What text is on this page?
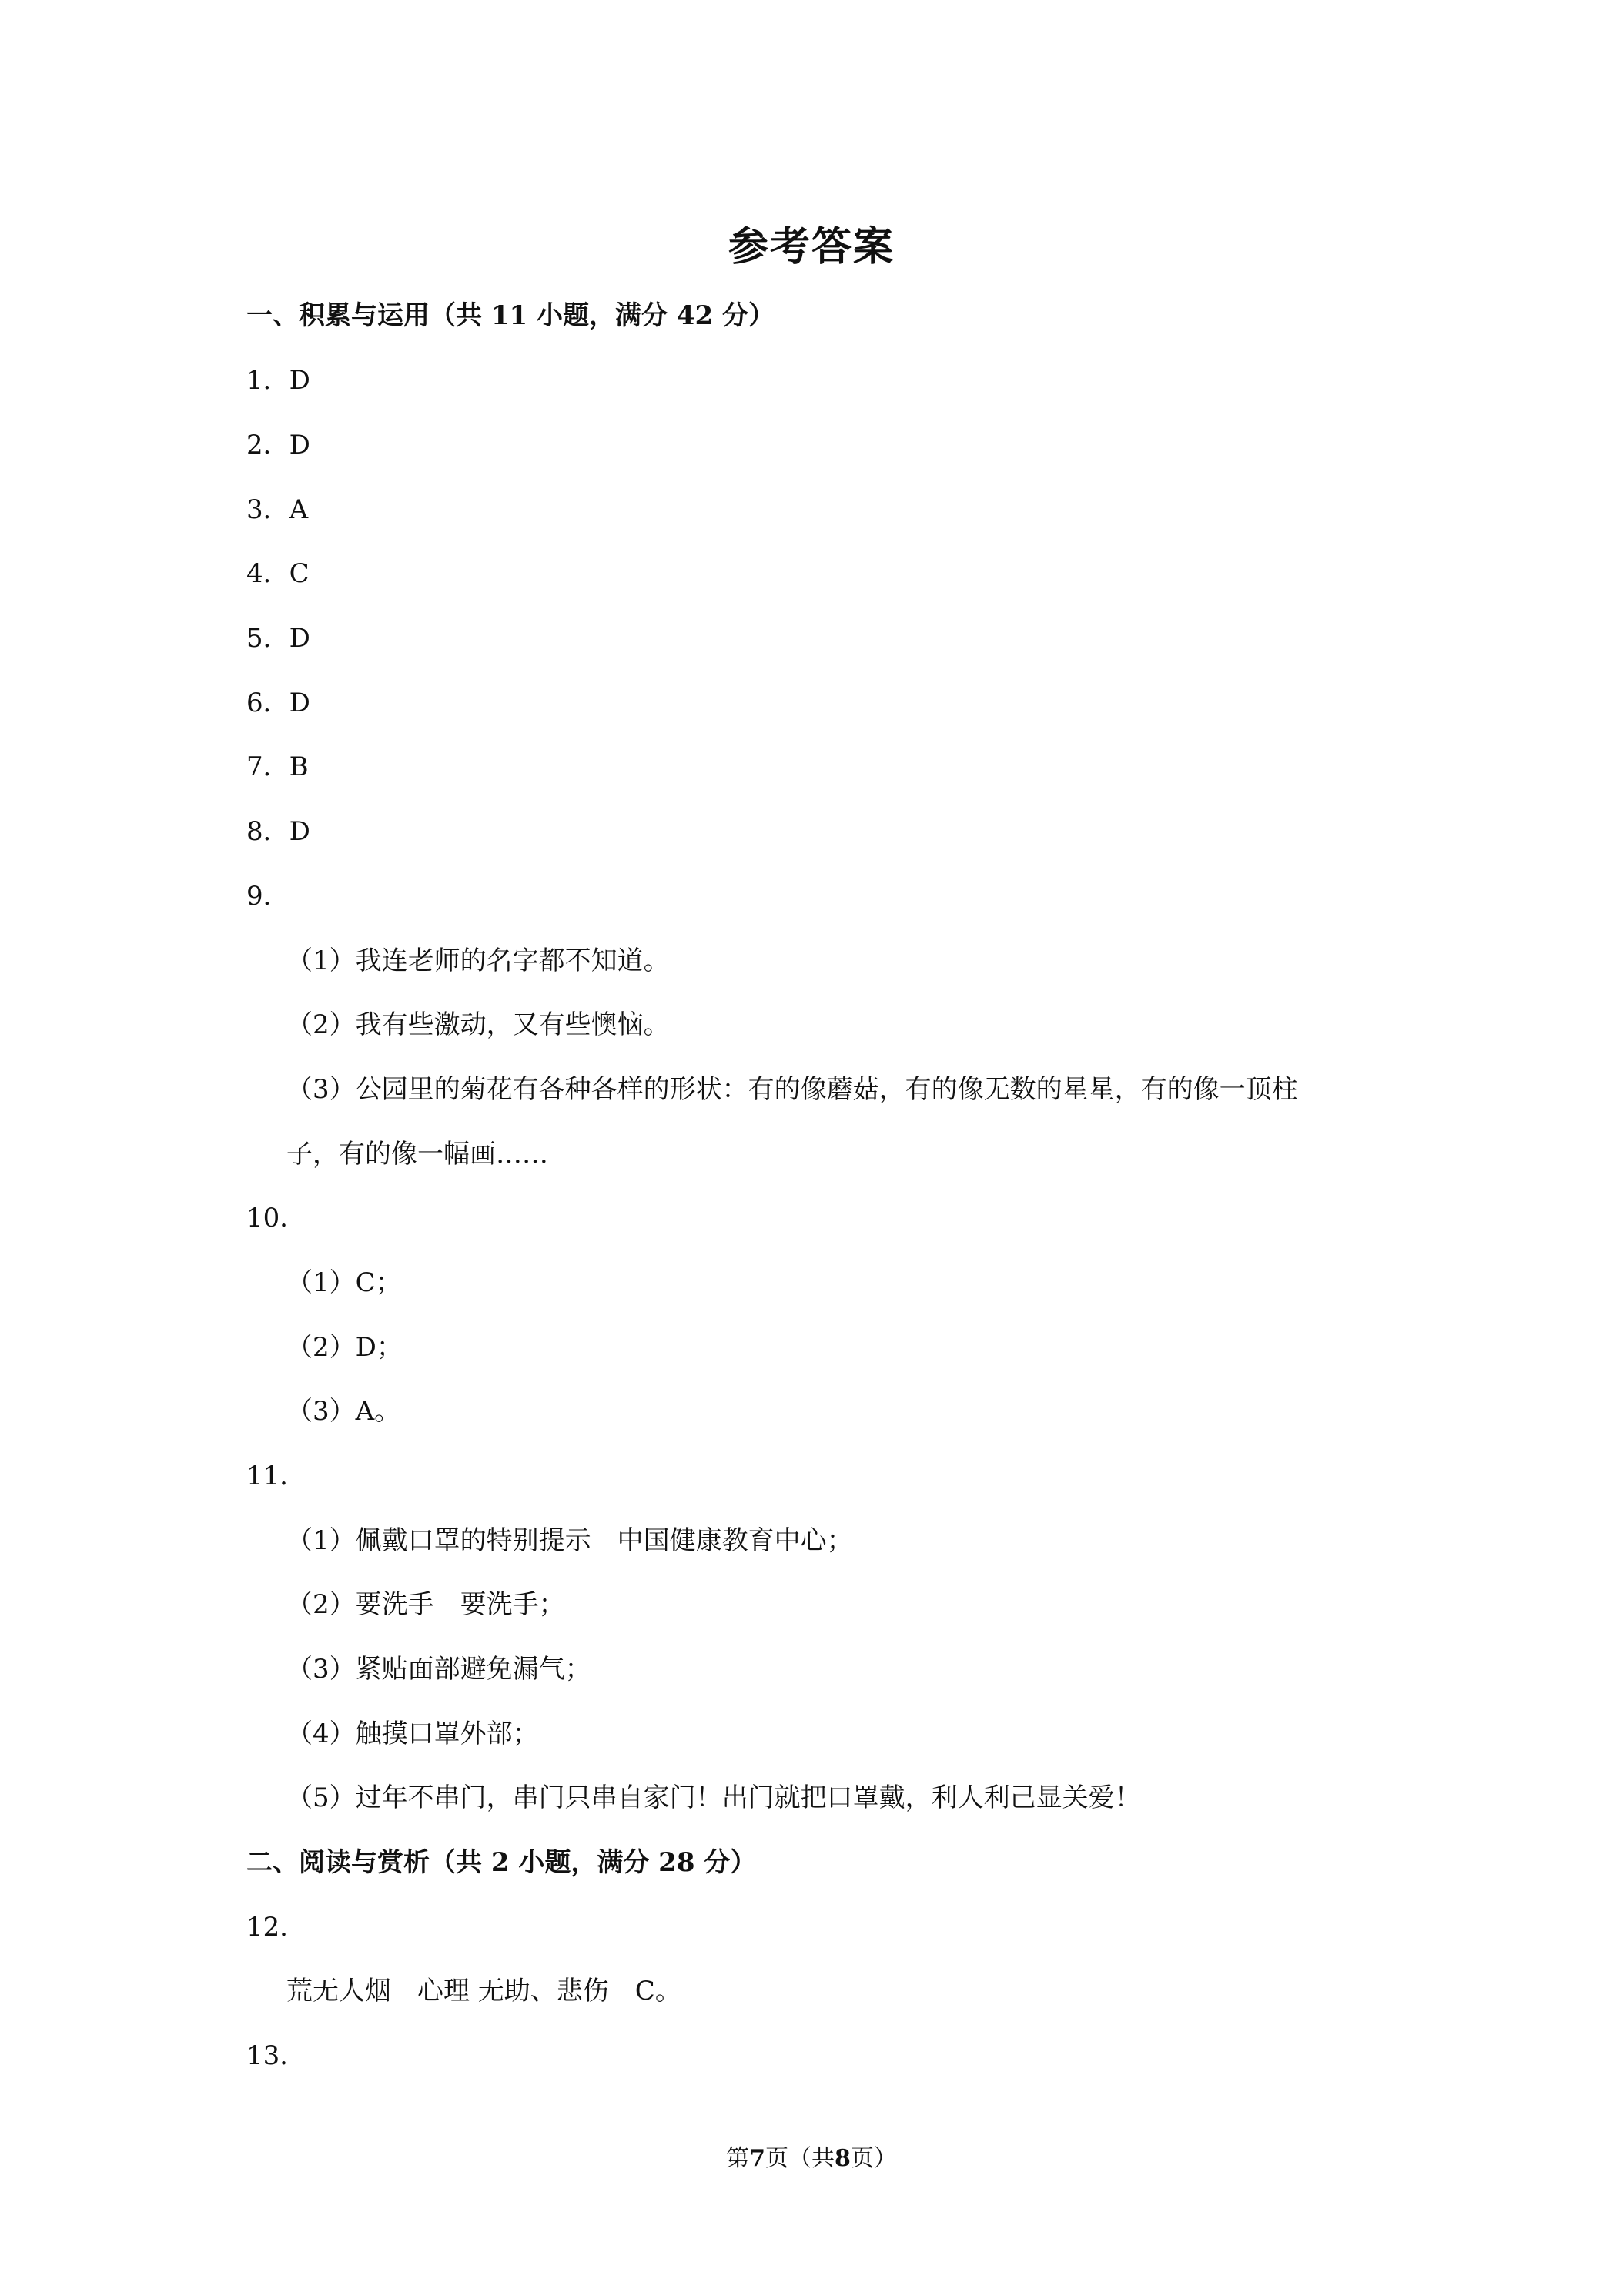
参考答案
一、积累与运用（共 11 小题，满分 42 分）
1．D
2．D
3．A
4．C
5．D
6．D
7．B
8．D
9．
（1）我连老师的名字都不知道。
（2）我有些激动，又有些懊恼。
（3）公园里的菊花有各种各样的形状：有的像蘑菇，有的像无数的星星，有的像一顶柱
子，有的像一幅画……
10．
（1）C；
（2）D；
（3）A。
11．
（1）佩戴口罩的特别提示　中国健康教育中心；
（2）要洗手　要洗手；
（3）紧贴面部避免漏气；
（4）触摸口罩外部；
（5）过年不串门，串门只串自家门！出门就把口罩戴，利人利己显关爱！
二、阅读与赏析（共 2 小题，满分 28 分）
12．
荒无人烟　心理 无助、悲伤　C。
13．
第7页（共8页）
